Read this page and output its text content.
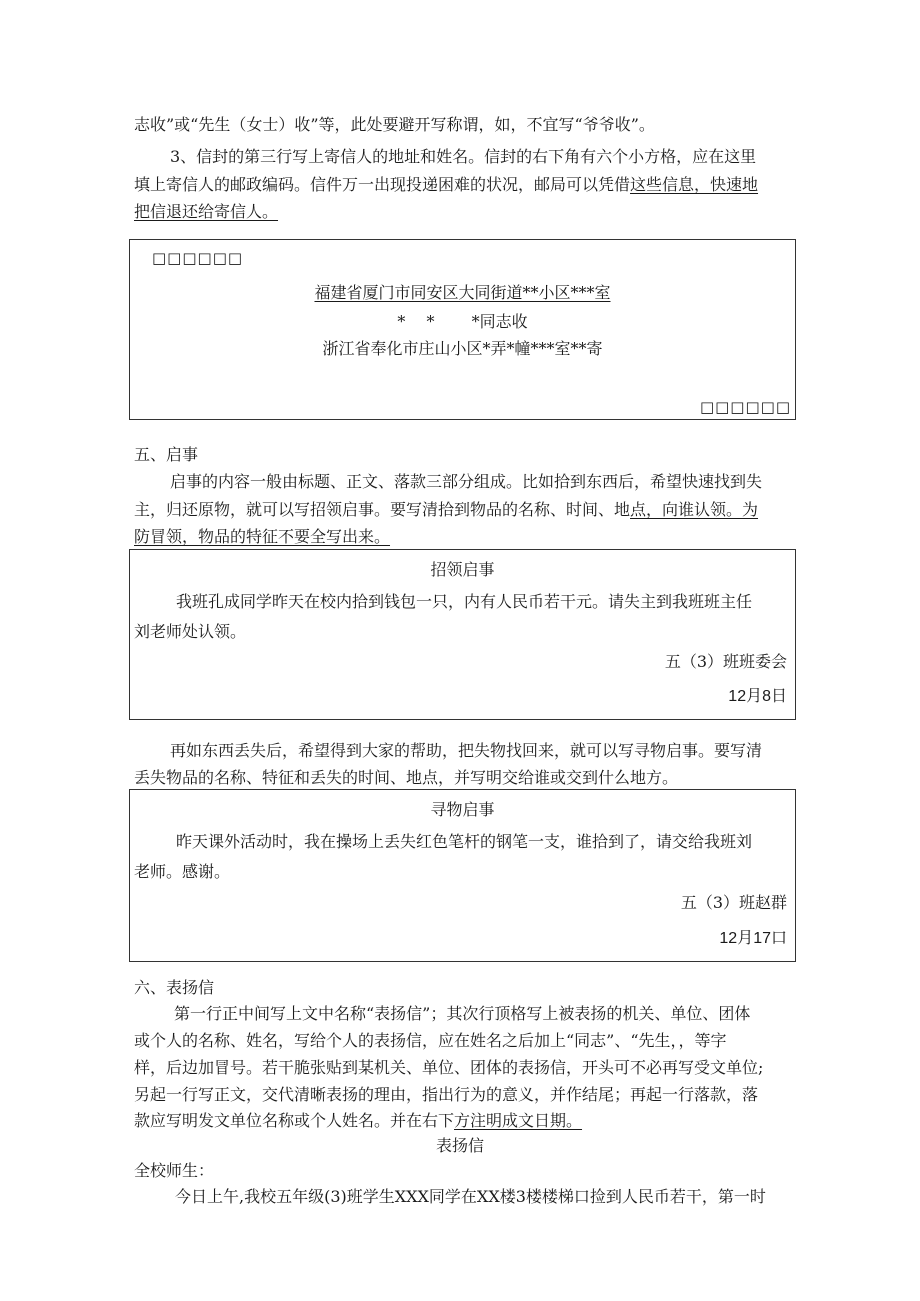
志收”或“先生（女士）收”等，此处要避开写称谓，如，不宜写“爷爷收”。
3、信封的第三行写上寄信人的地址和姓名。信封的右下角有六个小方格，应在这里
填上寄信人的邮政编码。信件万一出现投递困难的状况，邮局可以凭借这些信息，快速地
把信退还给寄信人。
□□□□□□
福建省厦门市同安区大同街道**小区***室
*　 *　 　*同志收
浙江省奉化市庄山小区*弄*幢***室**寄
□□□□□□
五、启事
启事的内容一般由标题、正文、落款三部分组成。比如拾到东西后，希望快速找到失
主，归还原物，就可以写招领启事。要写清拾到物品的名称、时间、地点，向谁认领。为
防冒领，物品的特征不要全写出来。
招领启事
我班孔成同学昨天在校内拾到钱包一只，内有人民币若干元。请失主到我班班主任
刘老师处认领。
五（3）班班委会
12月8日
再如东西丢失后，希望得到大家的帮助，把失物找回来，就可以写寻物启事。要写清
丢失物品的名称、特征和丢失的时间、地点，并写明交给谁或交到什么地方。
寻物启事
昨天课外活动时，我在操场上丢失红色笔杆的钢笔一支，谁拾到了，请交给我班刘
老师。感谢。
五（3）班赵群
12月17口
六、表扬信
第一行正中间写上文中名称“表扬信”；其次行顶格写上被表扬的机关、单位、团体
或个人的名称、姓名，写给个人的表扬信，应在姓名之后加上“同志”、“先生，，等字
样，后边加冒号。若干脆张贴到某机关、单位、团体的表扬信，开头可不必再写受文单位;
另起一行写正文，交代清晰表扬的理由，指出行为的意义，并作结尾；再起一行落款，落
款应写明发文单位名称或个人姓名。并在右下方注明成文日期。
表扬信
全校师生：
今日上午,我校五年级(3)班学生XXX同学在XX楼3楼楼梯口捡到人民币若干，第一时
